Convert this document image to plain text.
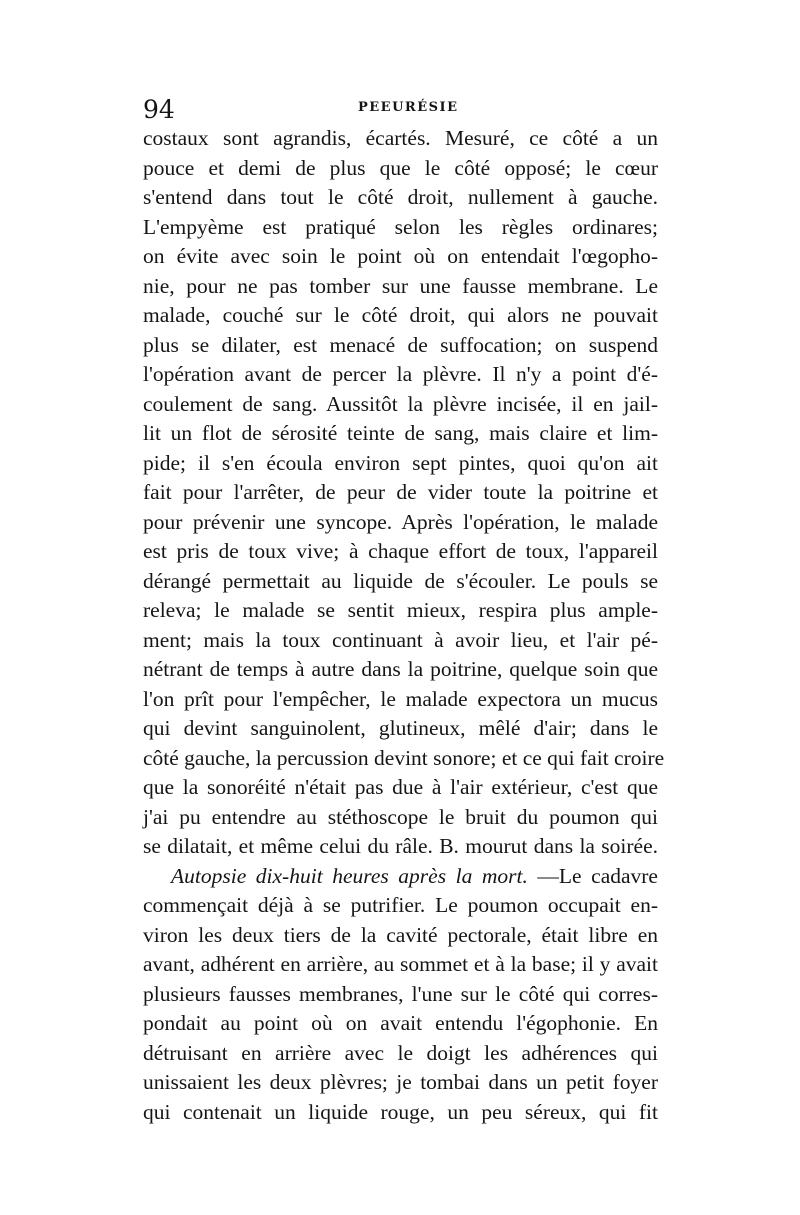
94	PEEURÉSIE
costaux sont agrandis, écartés. Mesuré, ce côté a un
pouce et demi de plus que le côté opposé; le cœur
s'entend dans tout le côté droit, nullement à gauche.
L'empyème est pratiqué selon les règles ordinares;
on évite avec soin le point où on entendait l'œgopho-
nie, pour ne pas tomber sur une fausse membrane. Le
malade, couché sur le côté droit, qui alors ne pouvait
plus se dilater, est menacé de suffocation; on suspend
l'opération avant de percer la plèvre. Il n'y a point d'é-
coulement de sang. Aussitôt la plèvre incisée, il en jail-
lit un flot de sérosité teinte de sang, mais claire et lim-
pide; il s'en écoula environ sept pintes, quoi qu'on ait
fait pour l'arrêter, de peur de vider toute la poitrine et
pour prévenir une syncope. Après l'opération, le malade
est pris de toux vive; à chaque effort de toux, l'appareil
dérangé permettait au liquide de s'écouler. Le pouls se
releva; le malade se sentit mieux, respira plus ample-
ment; mais la toux continuant à avoir lieu, et l'air pé-
nétrant de temps à autre dans la poitrine, quelque soin que
l'on prît pour l'empêcher, le malade expectora un mucus
qui devint sanguinolent, glutineux, mêlé d'air; dans le
côté gauche, la percussion devint sonore; et ce qui fait croire
que la sonoréité n'était pas due à l'air extérieur, c'est que
j'ai pu entendre au stéthoscope le bruit du poumon qui
se dilatait, et même celui du râle. B. mourut dans la soirée.
Autopsie dix-huit heures après la mort. —Le cadavre
commençait déjà à se putrifier. Le poumon occupait en-
viron les deux tiers de la cavité pectorale, était libre en
avant, adhérent en arrière, au sommet et à la base; il y avait
plusieurs fausses membranes, l'une sur le côté qui corres-
pondait au point où on avait entendu l'égophonie. En
détruisant en arrière avec le doigt les adhérences qui
unissaient les deux plèvres; je tombai dans un petit foyer
qui contenait un liquide rouge, un peu séreux, qui fit
